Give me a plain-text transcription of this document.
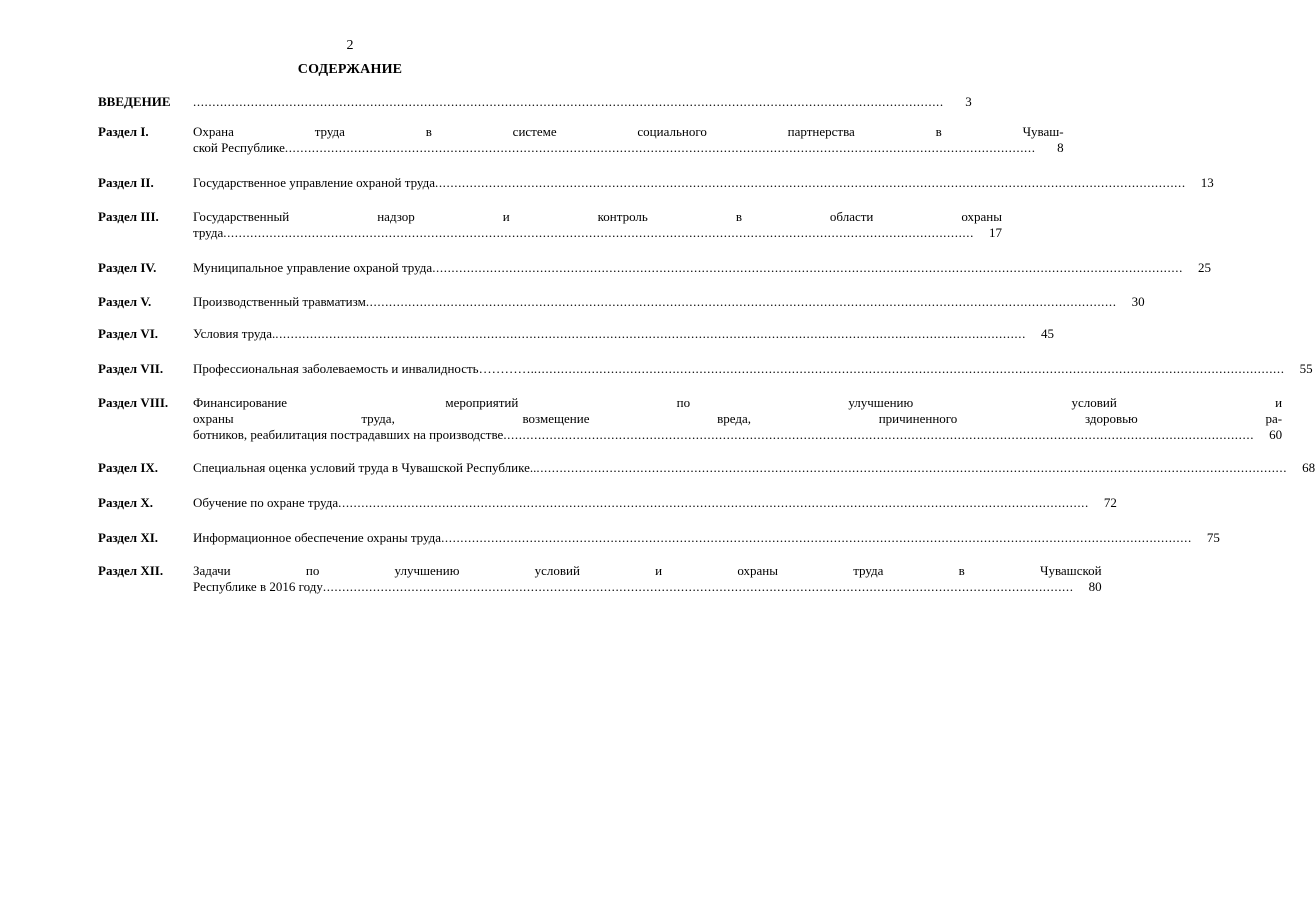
2
СОДЕРЖАНИЕ
ВВЕДЕНИЕ .....	3
Раздел I.	Охрана труда в системе социального партнерства в Чуваш-
ской Республике .....	8
Раздел II.	Государственное управление охраной труда .....	13
Раздел III.	Государственный надзор и контроль в области охраны
труда .....	17
Раздел IV.	Муниципальное управление охраной труда .....	25
Раздел V.	Производственный травматизм .....	30
Раздел VI.	Условия труда. .....	45
Раздел VII.	Профессиональная заболеваемость и инвалидность…………. .....	55
Раздел VIII.	Финансирование мероприятий по улучшению условий и
охраны труда, возмещение вреда, причиненного здоровью ра-
ботников, реабилитация пострадавших на производстве .....	60
Раздел IX.	Специальная оценка условий труда в Чувашской Республике.. .....	68
Раздел X.	Обучение по охране труда .....	72
Раздел XI.	Информационное обеспечение охраны труда .....	75
Раздел XII.	Задачи по улучшению условий и охраны труда в Чувашской
Республике в 2016 году .....	80
